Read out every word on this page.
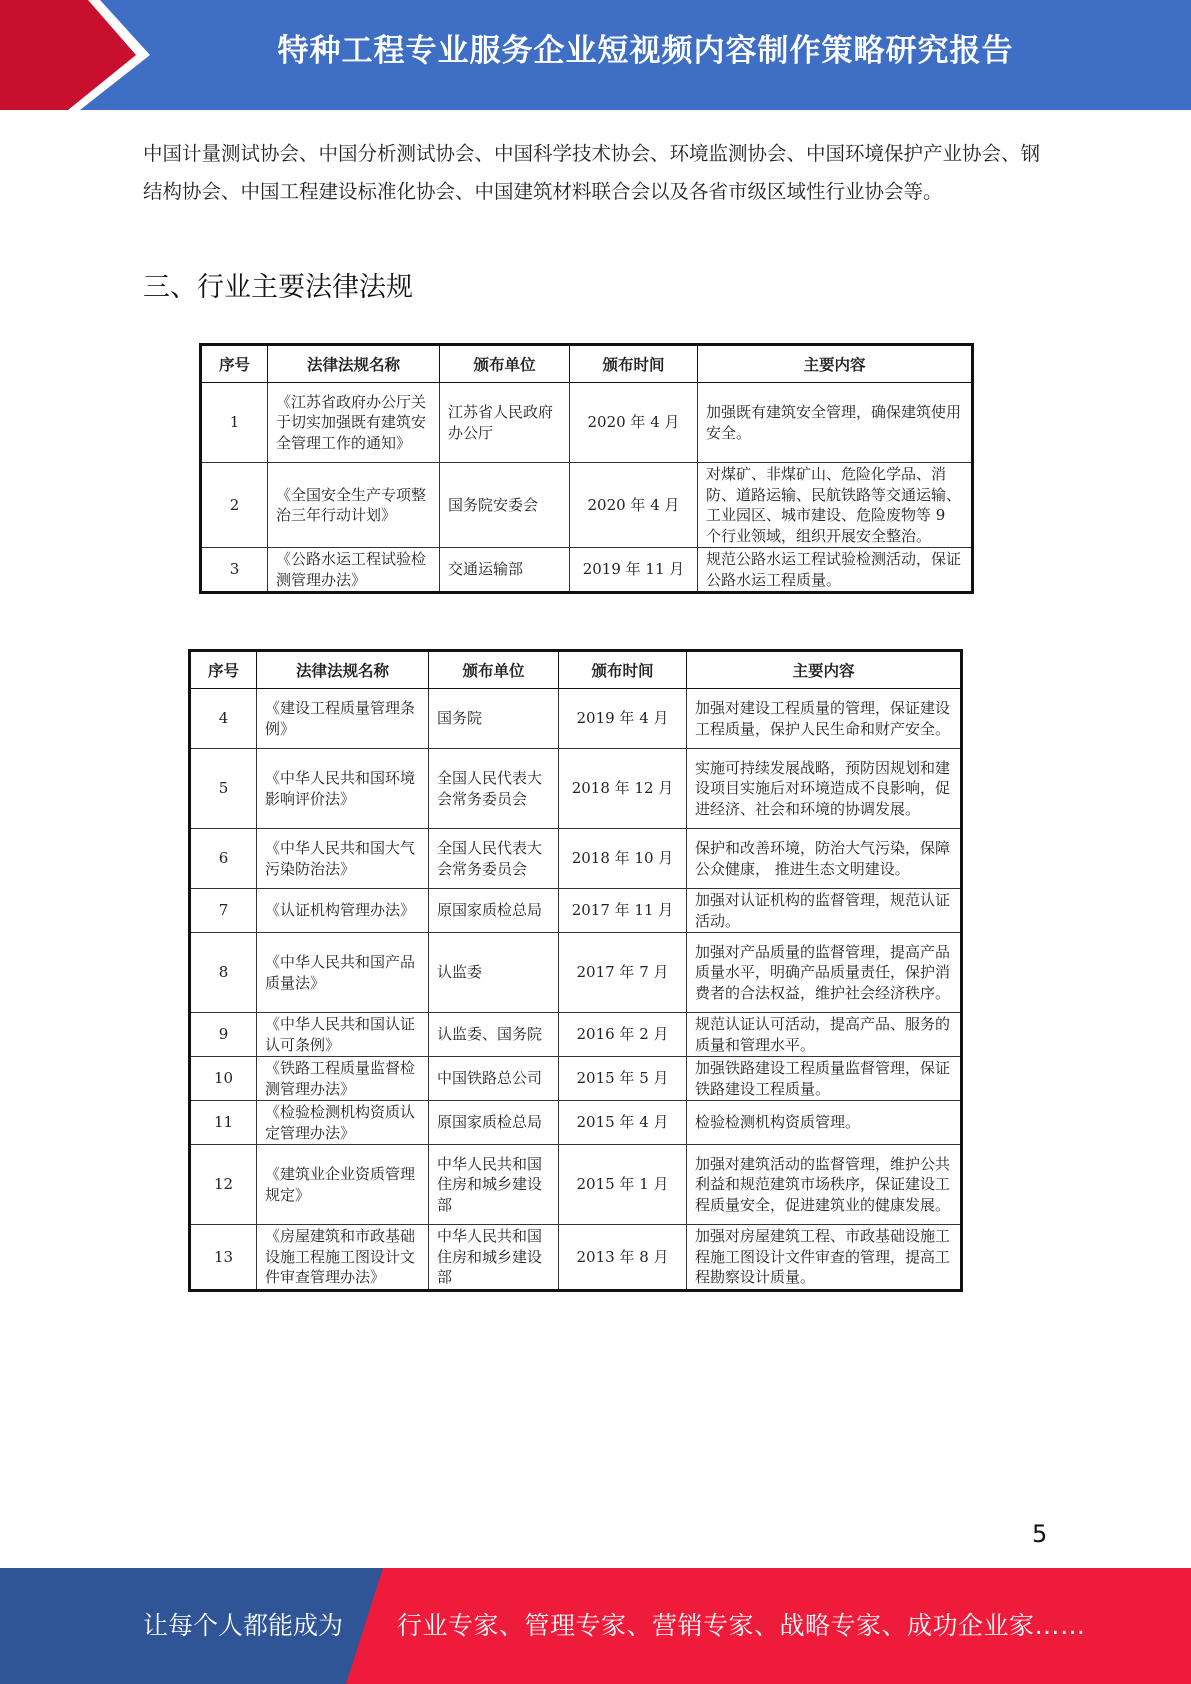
特种工程专业服务企业短视频内容制作策略研究报告
中国计量测试协会、中国分析测试协会、中国科学技术协会、环境监测协会、中国环境保护产业协会、钢结构协会、中国工程建设标准化协会、中国建筑材料联合会以及各省市级区域性行业协会等。
三、行业主要法律法规
序号	法律法规名称	颁布单位	颁布时间	主要内容
1	《江苏省政府办公厅关于切实加强既有建筑安全管理工作的通知》	江苏省人民政府办公厅	2020 年 4 月	加强既有建筑安全管理，确保建筑使用安全。
2	《全国安全生产专项整治三年行动计划》	国务院安委会	2020 年 4 月	对煤矿、非煤矿山、危险化学品、消防、道路运输、民航铁路等交通运输、工业园区、城市建设、危险废物等 9 个行业领域，组织开展安全整治。
3	《公路水运工程试验检测管理办法》	交通运输部	2019 年 11 月	规范公路水运工程试验检测活动，保证公路水运工程质量。
序号	法律法规名称	颁布单位	颁布时间	主要内容
4	《建设工程质量管理条例》	国务院	2019 年 4 月	加强对建设工程质量的管理，保证建设工程质量，保护人民生命和财产安全。
5	《中华人民共和国环境影响评价法》	全国人民代表大会常务委员会	2018 年 12 月	实施可持续发展战略，预防因规划和建设项目实施后对环境造成不良影响，促进经济、社会和环境的协调发展。
6	《中华人民共和国大气污染防治法》	全国人民代表大会常务委员会	2018 年 10 月	保护和改善环境，防治大气污染，保障公众健康， 推进生态文明建设。
7	《认证机构管理办法》	原国家质检总局	2017 年 11 月	加强对认证机构的监督管理，规范认证活动。
8	《中华人民共和国产品质量法》	认监委	2017 年 7 月	加强对产品质量的监督管理，提高产品质量水平，明确产品质量责任，保护消费者的合法权益，维护社会经济秩序。
9	《中华人民共和国认证认可条例》	认监委、国务院	2016 年 2 月	规范认证认可活动，提高产品、服务的质量和管理水平。
10	《铁路工程质量监督检测管理办法》	中国铁路总公司	2015 年 5 月	加强铁路建设工程质量监督管理，保证铁路建设工程质量。
11	《检验检测机构资质认定管理办法》	原国家质检总局	2015 年 4 月	检验检测机构资质管理。
12	《建筑业企业资质管理规定》	中华人民共和国住房和城乡建设部	2015 年 1 月	加强对建筑活动的监督管理，维护公共利益和规范建筑市场秩序，保证建设工程质量安全，促进建筑业的健康发展。
13	《房屋建筑和市政基础设施工程施工图设计文件审查管理办法》	中华人民共和国住房和城乡建设部	2013 年 8 月	加强对房屋建筑工程、市政基础设施工程施工图设计文件审查的管理，提高工程勘察设计质量。
5
让每个人都能成为 行业专家、管理专家、营销专家、战略专家、成功企业家……
